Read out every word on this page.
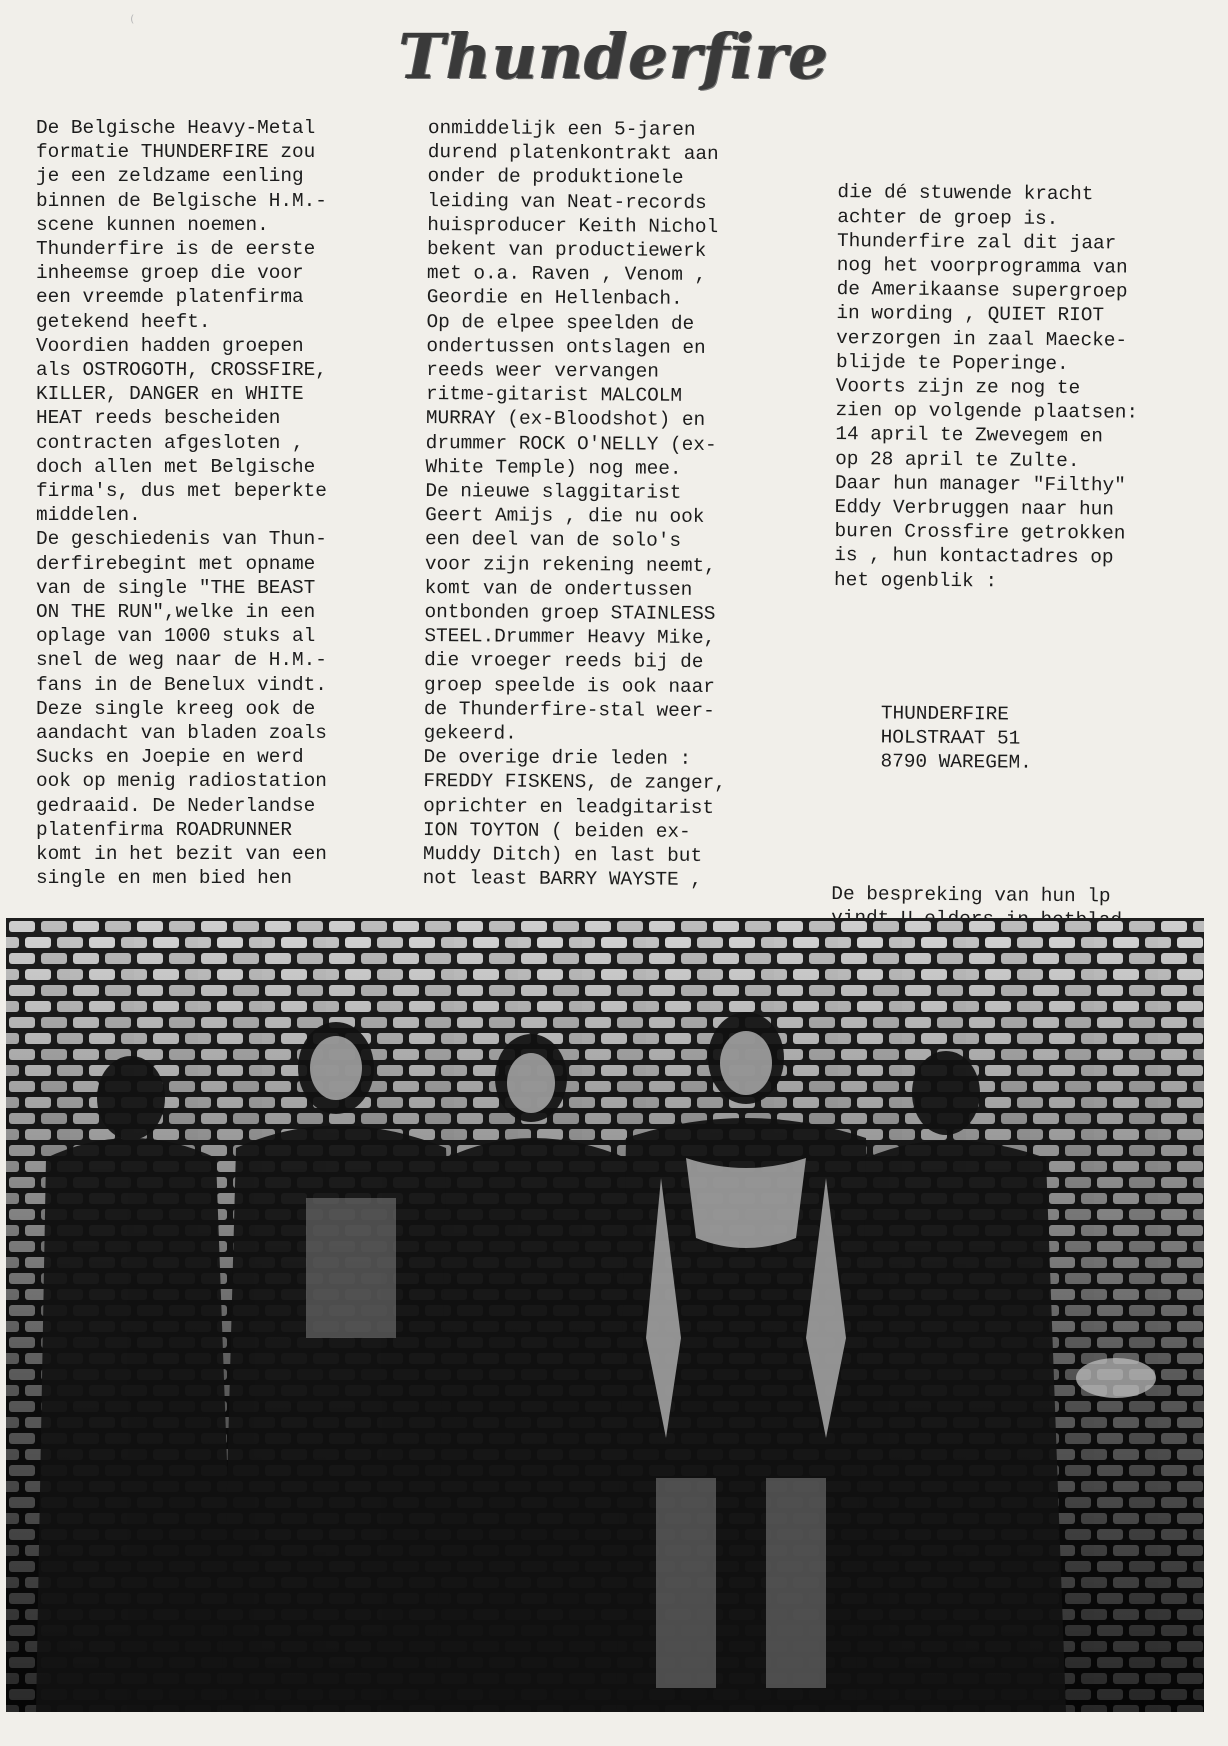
⁽	Thunderfire
De Belgische Heavy-Metal
formatie THUNDERFIRE zou
je een zeldzame eenling
binnen de Belgische H.M.-
scene kunnen noemen.
Thunderfire is de eerste
inheemse groep die voor
een vreemde platenfirma
getekend heeft.
Voordien hadden groepen
als OSTROGOTH, CROSSFIRE,
KILLER, DANGER en WHITE
HEAT reeds bescheiden
contracten afgesloten ,
doch allen met Belgische
firma's, dus met beperkte
middelen.
De geschiedenis van Thun-
derfirebegint met opname
van de single "THE BEAST
ON THE RUN",welke in een
oplage van 1000 stuks al
snel de weg naar de H.M.-
fans in de Benelux vindt.
Deze single kreeg ook de
aandacht van bladen zoals
Sucks en Joepie en werd
ook op menig radiostation
gedraaid. De Nederlandse
platenfirma ROADRUNNER
komt in het bezit van een
single en men bied hen
onmiddelijk een 5-jaren
durend platenkontrakt aan
onder de produktionele
leiding van Neat-records
huisproducer Keith Nichol
bekent van productiewerk
met o.a. Raven , Venom ,
Geordie en Hellenbach.
Op de elpee speelden de
ondertussen ontslagen en
reeds weer vervangen
ritme-gitarist MALCOLM
MURRAY (ex-Bloodshot) en
drummer ROCK O'NELLY (ex-
White Temple) nog mee.
De nieuwe slaggitarist
Geert Amijs , die nu ook
een deel van de solo's
voor zijn rekening neemt,
komt van de ondertussen
ontbonden groep STAINLESS
STEEL.Drummer Heavy Mike,
die vroeger reeds bij de
groep speelde is ook naar
de Thunderfire-stal weer-
gekeerd.
De overige drie leden :
FREDDY FISKENS, de zanger,
oprichter en leadgitarist
ION TOYTON ( beiden ex-
Muddy Ditch) en last but
not least BARRY WAYSTE ,

die dé stuwende kracht
achter de groep is.
Thunderfire zal dit jaar
nog het voorprogramma van
de Amerikaanse supergroep
in wording , QUIET RIOT
verzorgen in zaal Maecke-
blijde te Poperinge.
Voorts zijn ze nog te
zien op volgende plaatsen:
14 april te Zwevegem en
op 28 april te Zulte.
Daar hun manager "Filthy"
Eddy Verbruggen naar hun
buren Crossfire getrokken
is , hun kontactadres op
het ogenblik :

THUNDERFIRE
HOLSTRAAT 51
8790 WAREGEM.

De bespreking van hun lp
